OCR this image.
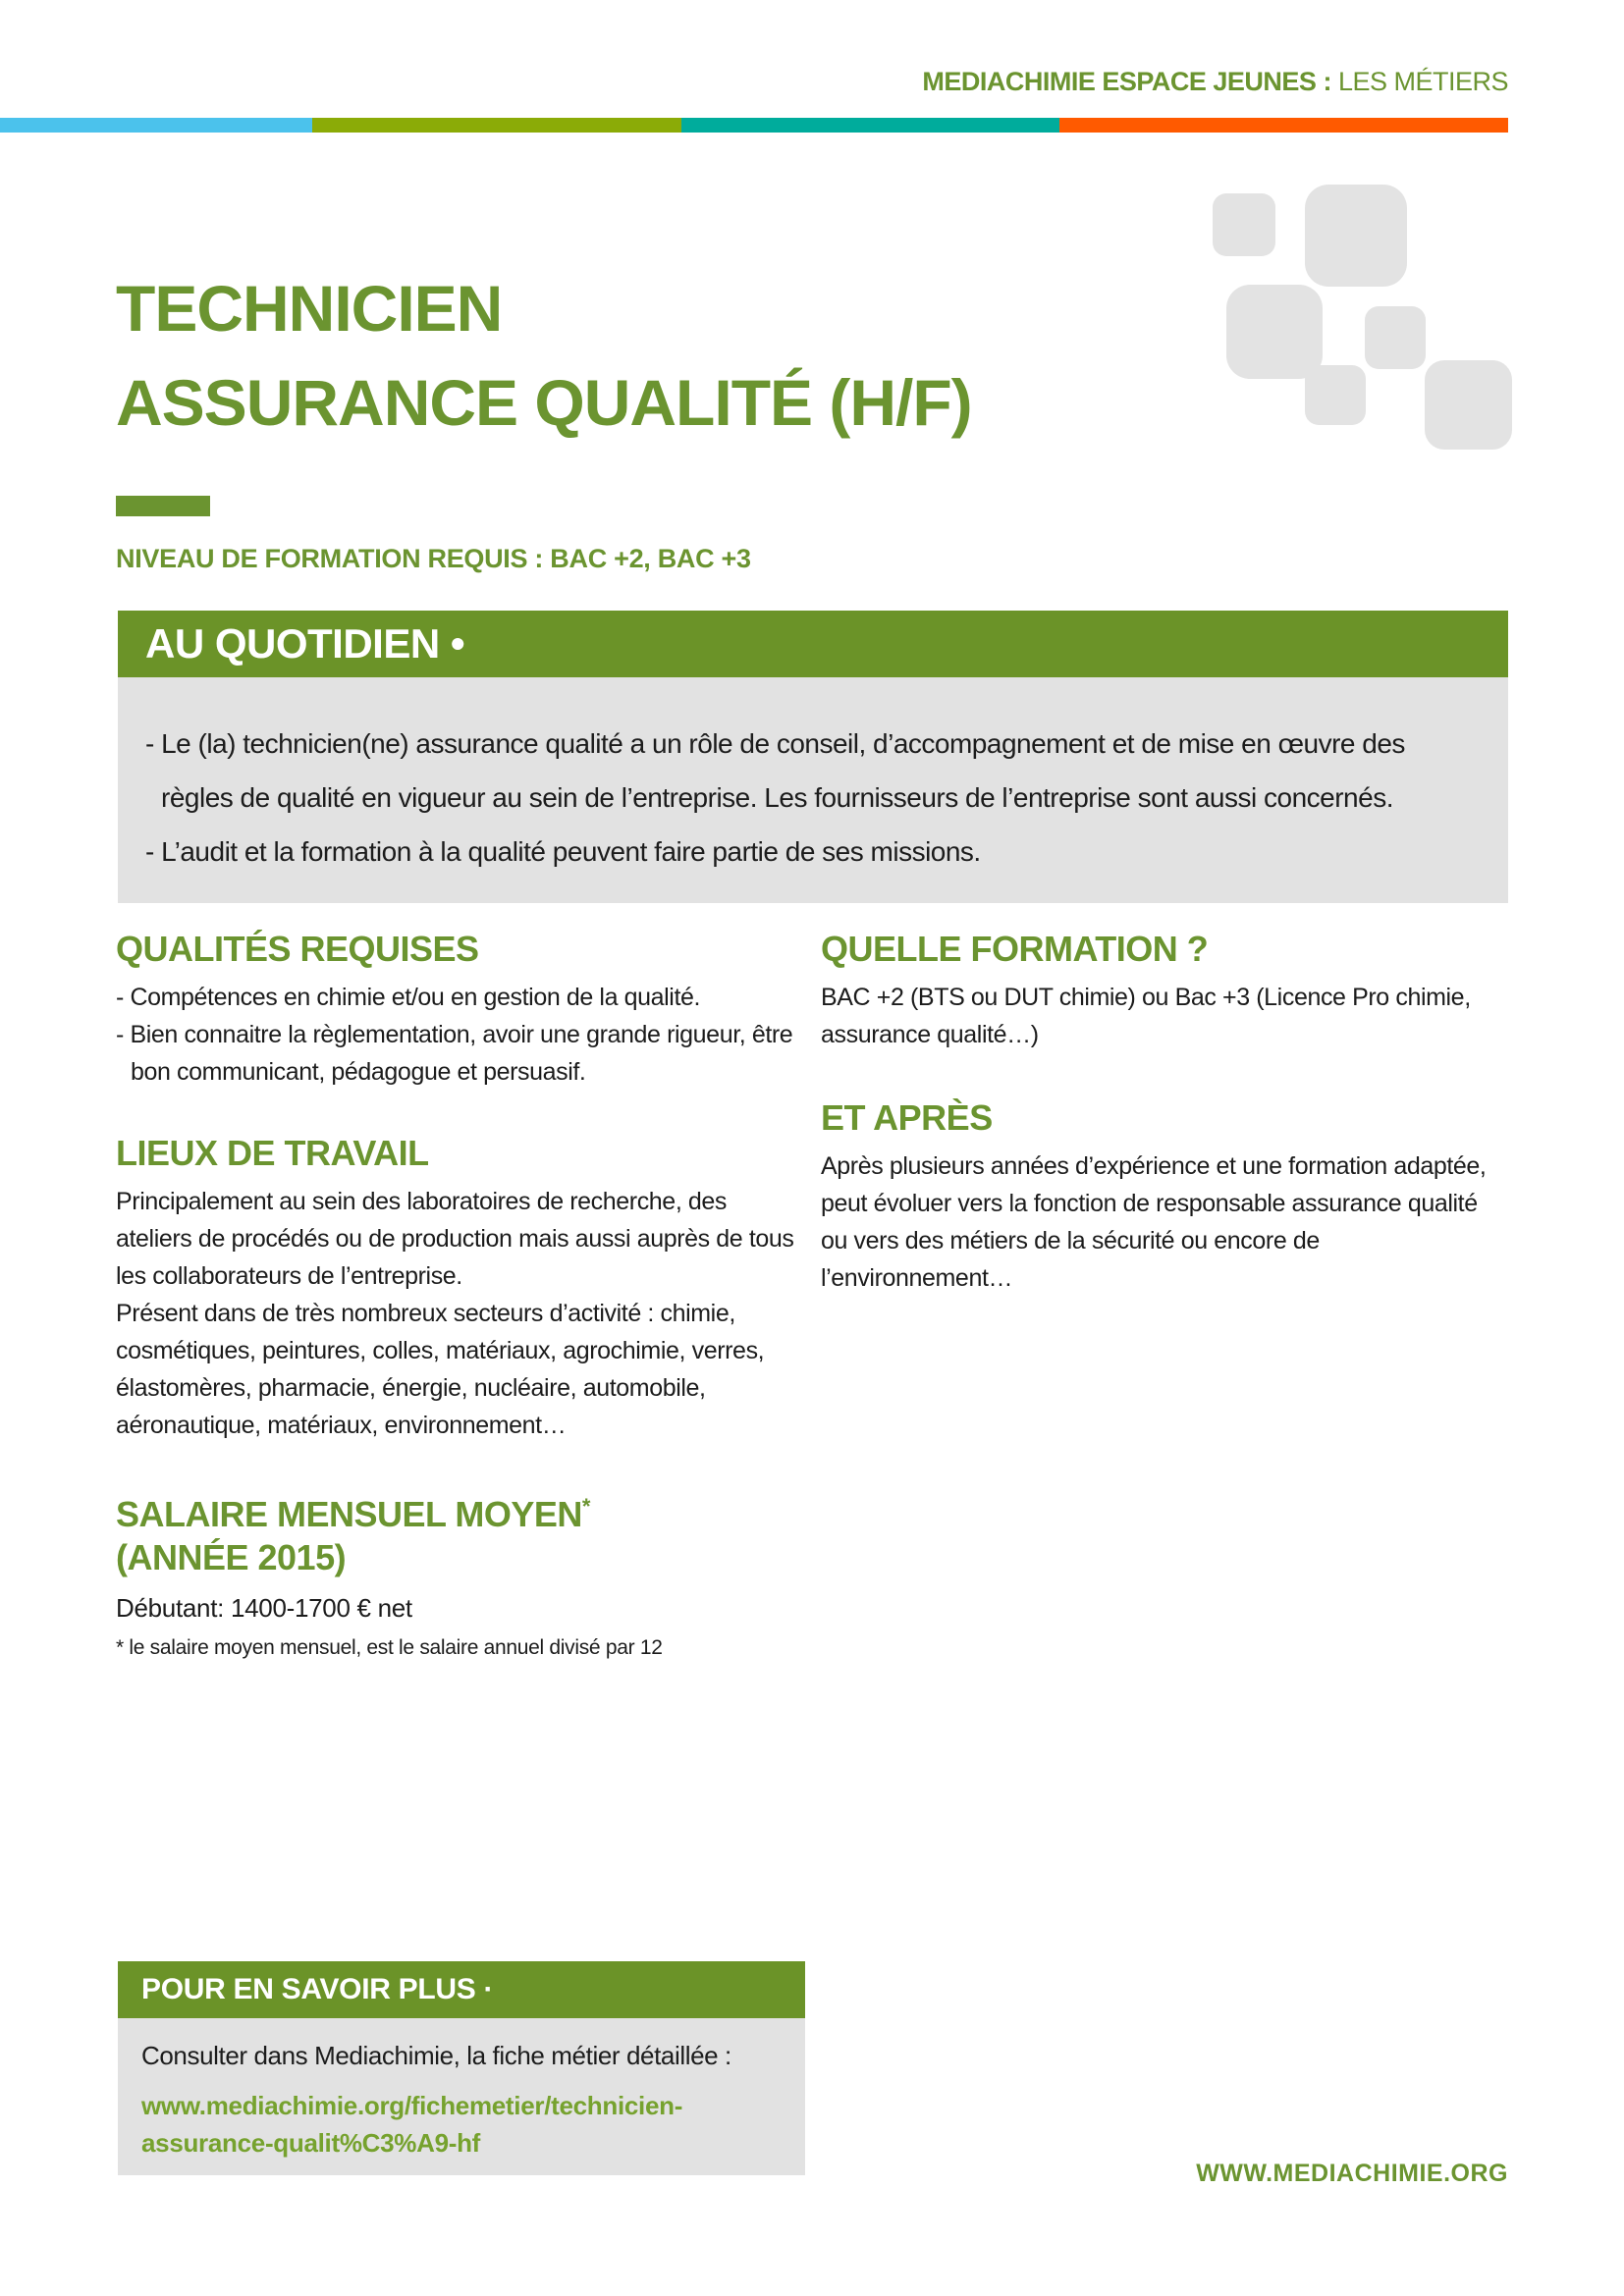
MEDIACHIMIE ESPACE JEUNES : LES MÉTIERS
TECHNICIEN
ASSURANCE QUALITÉ (H/F)
NIVEAU DE FORMATION REQUIS : BAC +2, BAC +3
AU QUOTIDIEN •

- Le (la) technicien(ne) assurance qualité a un rôle de conseil, d’accompagnement et de mise en œuvre des règles de qualité en vigueur au sein de l’entreprise. Les fournisseurs de l’entreprise sont aussi concernés.

- L’audit et la formation à la qualité peuvent faire partie de ses missions.

QUALITÉS REQUISES

- Compétences en chimie et/ou en gestion de la qualité.

- Bien connaitre la règlementation, avoir une grande rigueur, être bon communicant, pédagogue et persuasif.

LIEUX DE TRAVAIL

Principalement au sein des laboratoires de recherche, des ateliers de procédés ou de production mais aussi auprès de tous les collaborateurs de l’entreprise.

Présent dans de très nombreux secteurs d’activité : chimie, cosmétiques, peintures, colles, matériaux, agrochimie, verres, élastomères, pharmacie, énergie, nucléaire, automobile, aéronautique, matériaux, environnement…

SALAIRE MENSUEL MOYEN*
(ANNÉE 2015)

Débutant: 1400-1700 € net

* le salaire moyen mensuel, est le salaire annuel divisé par 12

QUELLE FORMATION ?

BAC +2 (BTS ou DUT chimie) ou Bac +3 (Licence Pro chimie, assurance qualité…)

ET APRÈS

Après plusieurs années d’expérience et une formation adaptée, peut évoluer vers la fonction de responsable assurance qualité ou vers des métiers de la sécurité ou encore de l’environnement…

POUR EN SAVOIR PLUS ·

Consulter dans Mediachimie, la fiche métier détaillée :

www.mediachimie.org/fichemetier/technicien-assurance-qualit%C3%A9-hf
WWW.MEDIACHIMIE.ORG
